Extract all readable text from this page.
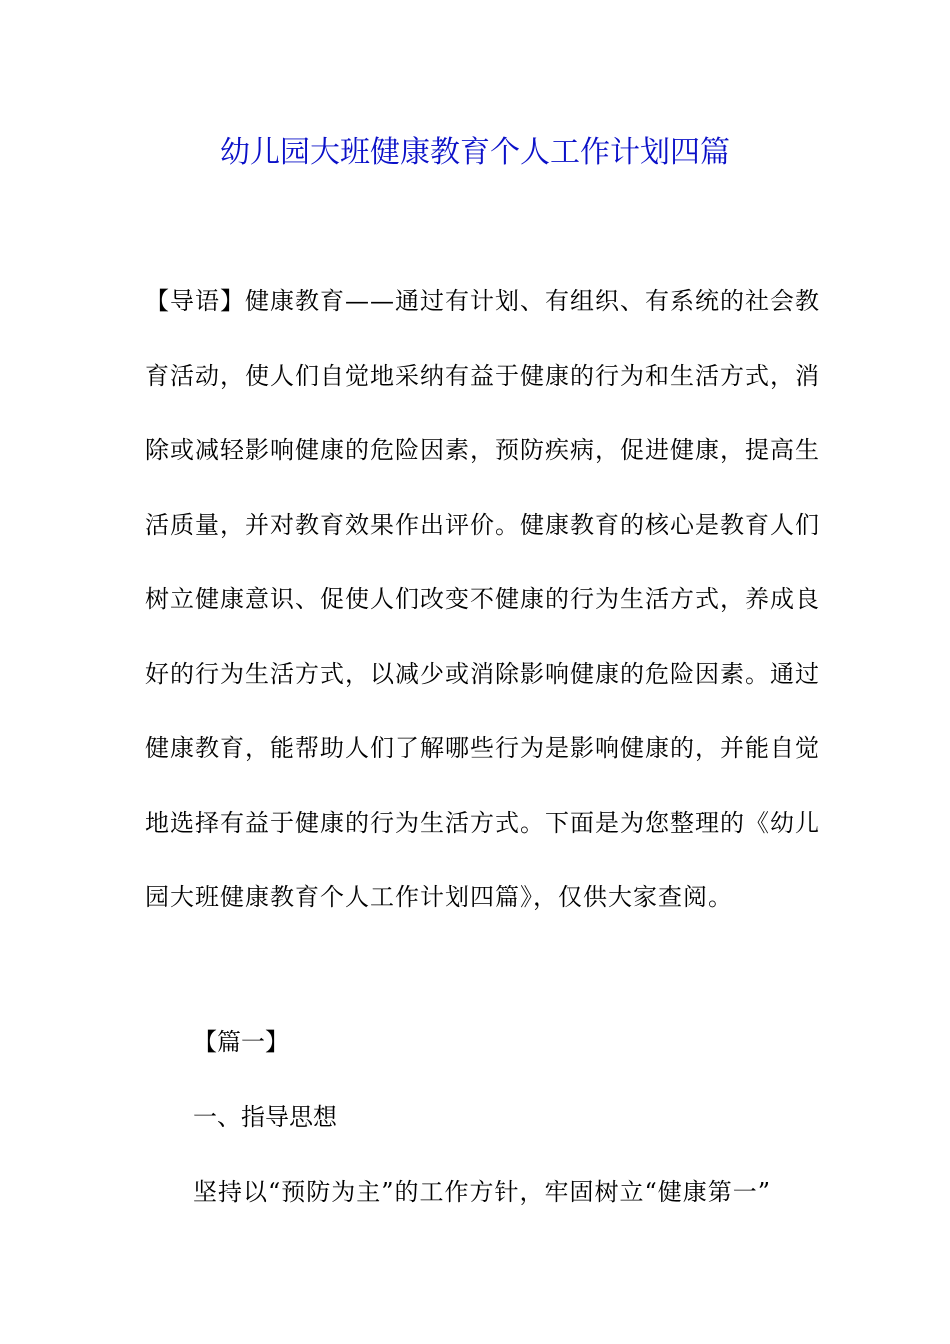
幼儿园大班健康教育个人工作计划四篇
【导语】健康教育——通过有计划、有组织、有系统的社会教
育活动，使人们自觉地采纳有益于健康的行为和生活方式，消
除或减轻影响健康的危险因素，预防疾病，促进健康，提高生
活质量，并对教育效果作出评价。健康教育的核心是教育人们
树立健康意识、促使人们改变不健康的行为生活方式，养成良
好的行为生活方式，以减少或消除影响健康的危险因素。通过
健康教育，能帮助人们了解哪些行为是影响健康的，并能自觉
地选择有益于健康的行为生活方式。下面是为您整理的《幼儿
园大班健康教育个人工作计划四篇》，仅供大家查阅。
【篇一】
一、指导思想
坚持以“预防为主”的工作方针，牢固树立“健康第一”
